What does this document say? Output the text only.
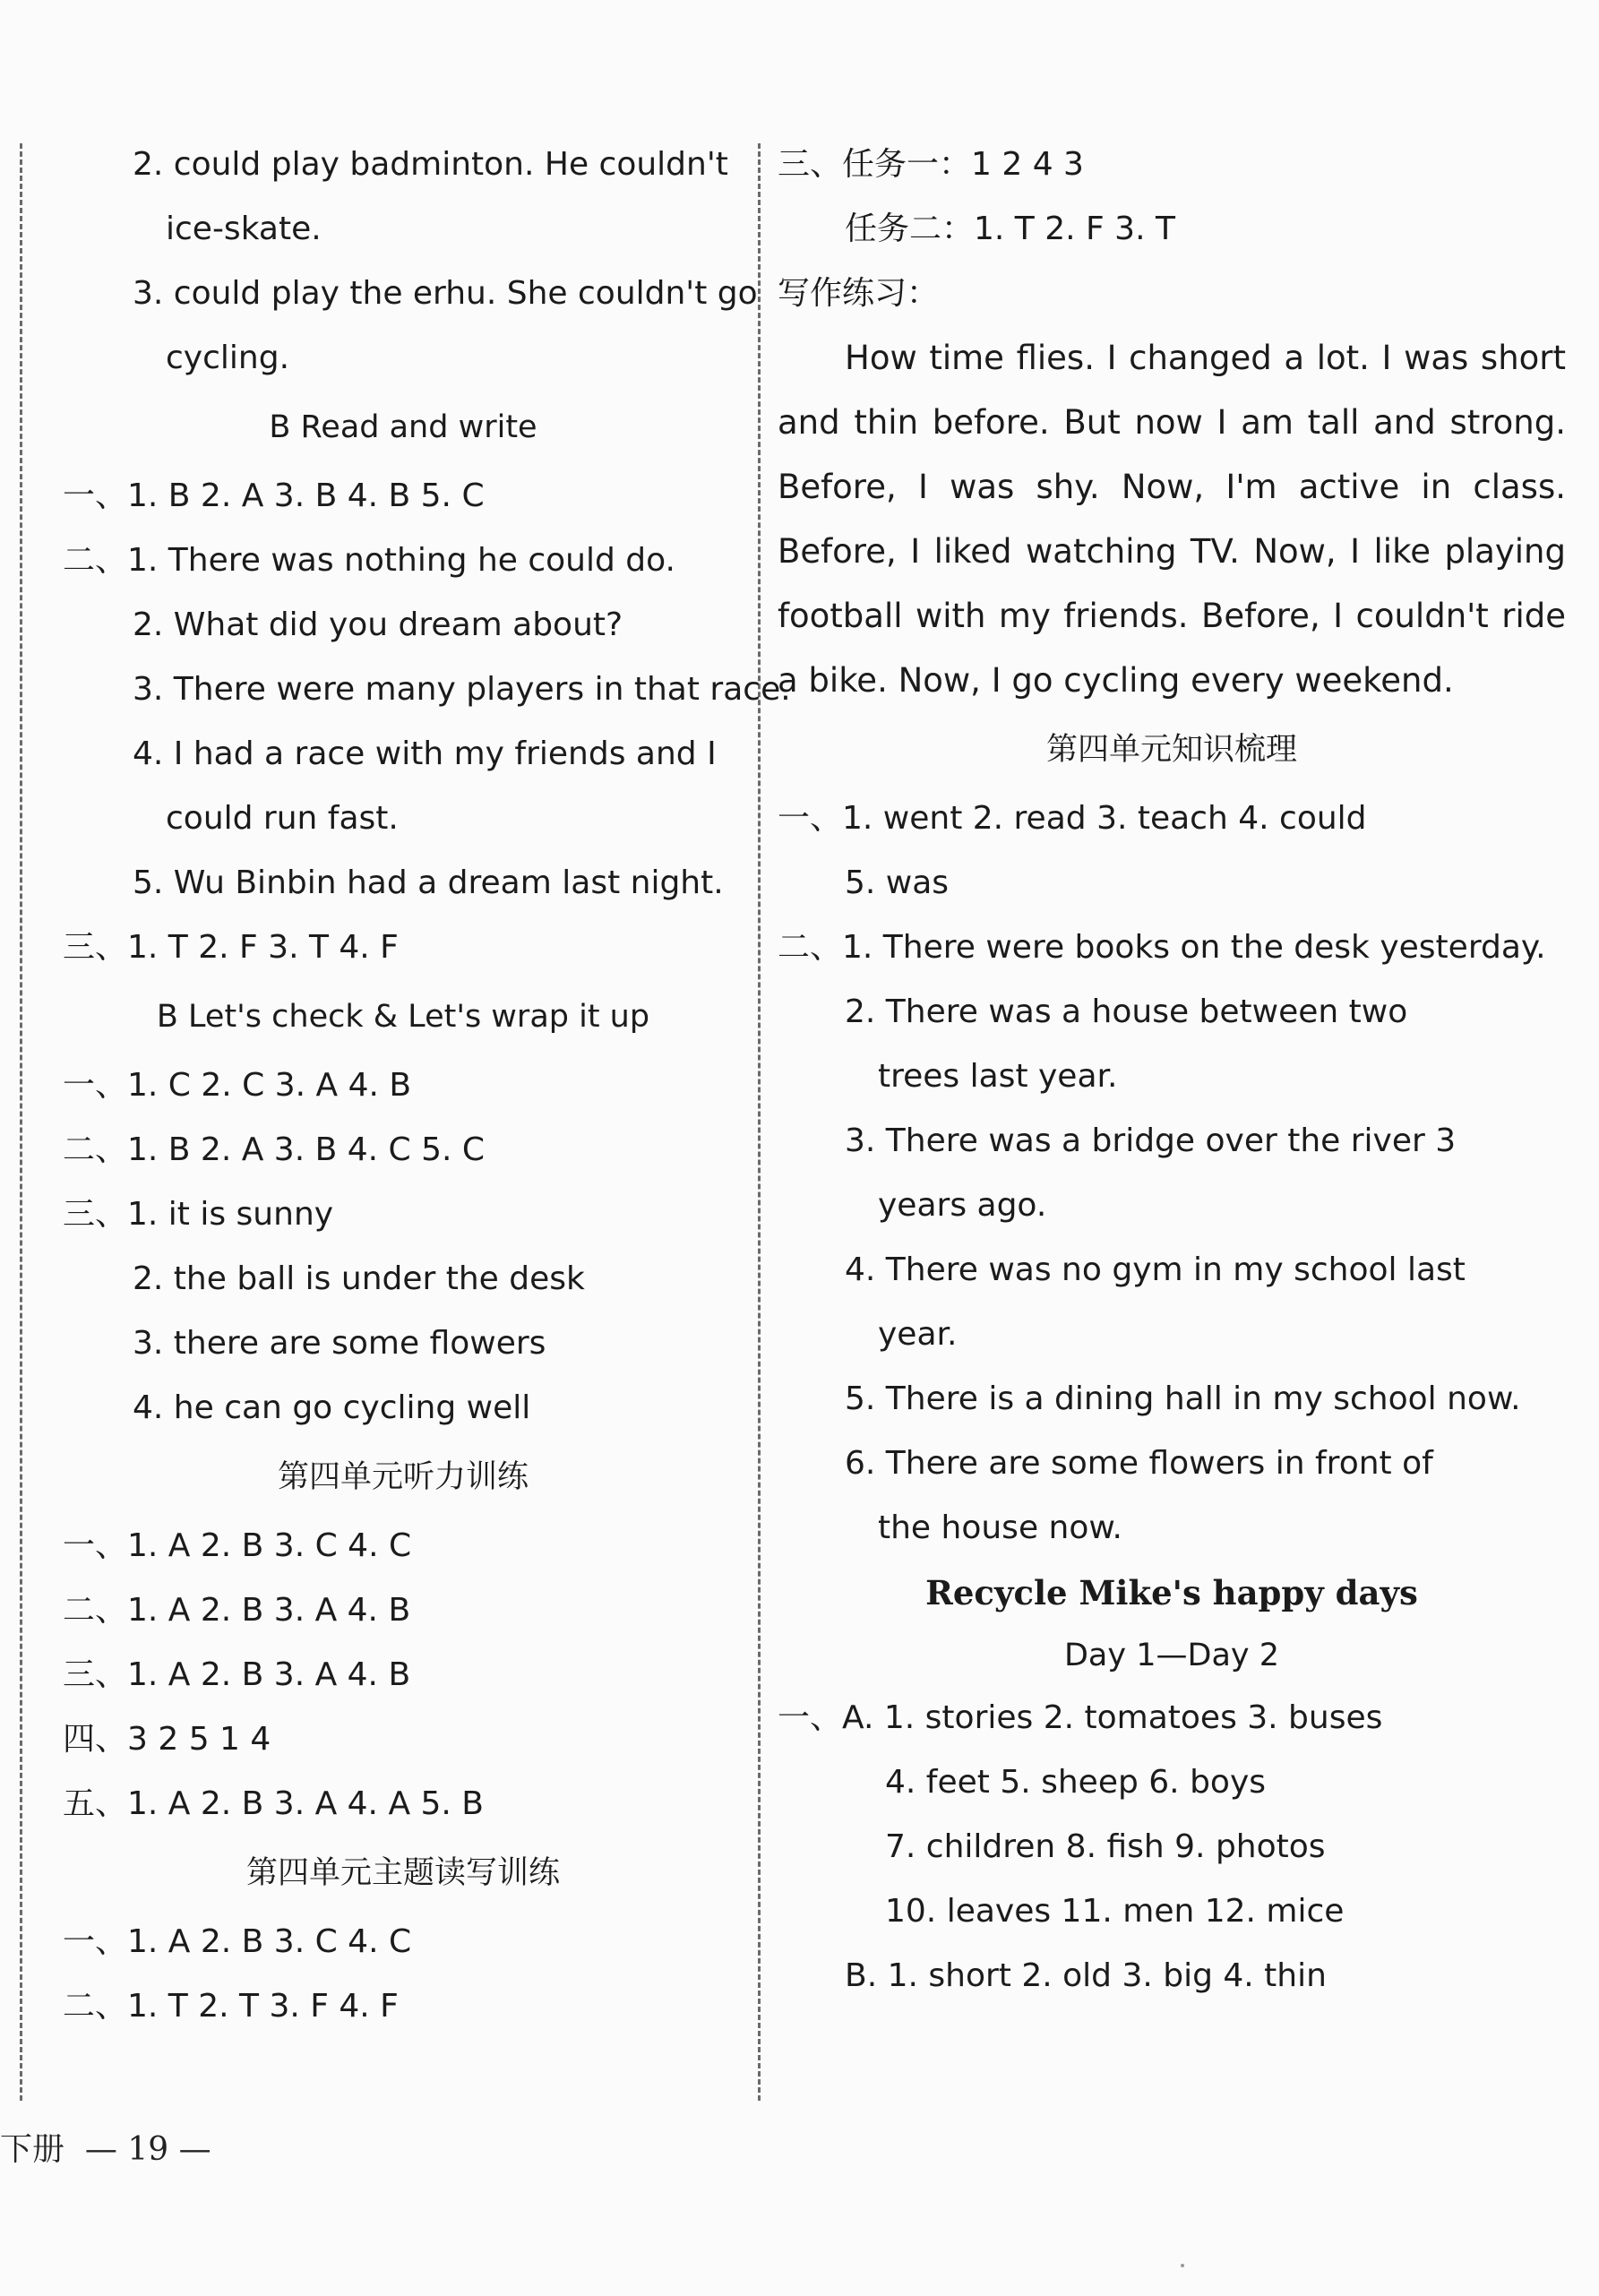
2. could play badminton. He couldn't
ice-skate.
3. could play the erhu. She couldn't go
cycling.
B Read and write
一、1. B 2. A 3. B 4. B 5. C
二、1. There was nothing he could do.
2. What did you dream about?
3. There were many players in that race.
4. I had a race with my friends and I
could run fast.
5. Wu Binbin had a dream last night.
三、1. T 2. F 3. T 4. F
B Let's check & Let's wrap it up
一、1. C 2. C 3. A 4. B
二、1. B 2. A 3. B 4. C 5. C
三、1. it is sunny
2. the ball is under the desk
3. there are some flowers
4. he can go cycling well
第四单元听力训练
一、1. A 2. B 3. C 4. C
二、1. A 2. B 3. A 4. B
三、1. A 2. B 3. A 4. B
四、3 2 5 1 4
五、1. A 2. B 3. A 4. A 5. B
第四单元主题读写训练
一、1. A 2. B 3. C 4. C
二、1. T 2. T 3. F 4. F
三、任务一：1 2 4 3
任务二：1. T 2. F 3. T
写作练习：
How time flies. I changed a lot. I was short and thin before. But now I am tall and strong. Before, I was shy. Now, I'm active in class. Before, I liked watching TV. Now, I like playing football with my friends. Before, I couldn't ride a bike. Now, I go cycling every weekend.
第四单元知识梳理
一、1. went 2. read 3. teach 4. could
5. was
二、1. There were books on the desk yesterday.
2. There was a house between two
trees last year.
3. There was a bridge over the river 3
years ago.
4. There was no gym in my school last
year.
5. There is a dining hall in my school now.
6. There are some flowers in front of
the house now.
Recycle Mike's happy days
Day 1—Day 2
一、A. 1. stories 2. tomatoes 3. buses
4. feet 5. sheep 6. boys
7. children 8. fish 9. photos
10. leaves 11. men 12. mice
B. 1. short 2. old 3. big 4. thin
下册  — 19 —
